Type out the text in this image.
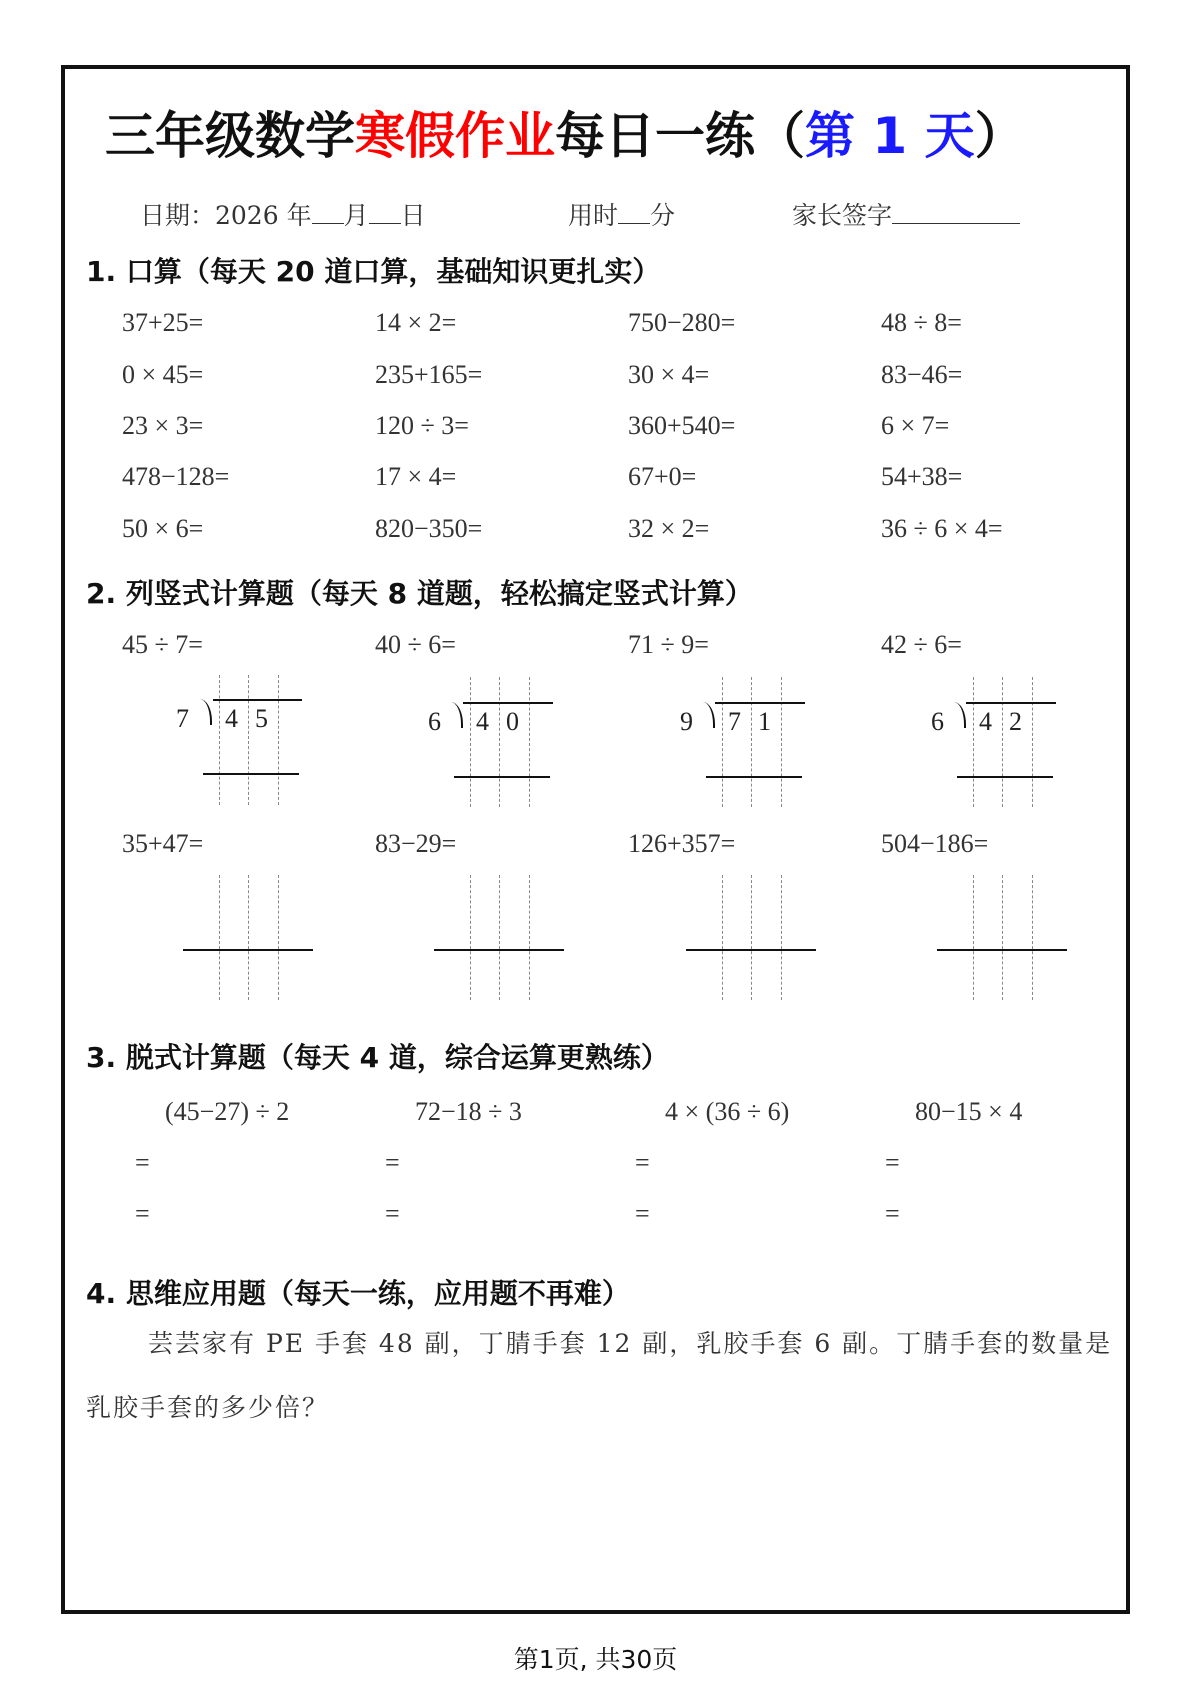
三年级数学寒假作业每日一练（第 1 天）
日期：2026 年 月 日	用时 分	家长签字
1. 口算（每天 20 道口算，基础知识更扎实）
37+25=	14 × 2=	750−280=	48 ÷ 8=
0 × 45=	235+165=	30 × 4=	83−46=
23 × 3=	120 ÷ 3=	360+540=	6 × 7=
478−128=	17 × 4=	67+0=	54+38=
50 × 6=	820−350=	32 × 2=	36 ÷ 6 × 4=
2. 列竖式计算题（每天 8 道题，轻松搞定竖式计算）
45 ÷ 7=	40 ÷ 6=	71 ÷ 9=	42 ÷ 6=
7 4 5	6 4 0	9 7 1	6 4 2
35+47=	83−29=	126+357=	504−186=
3. 脱式计算题（每天 4 道，综合运算更熟练）
(45−27) ÷ 2	72−18 ÷ 3	4 × (36 ÷ 6)	80−15 × 4
=	=	=	=
=	=	=	=
4. 思维应用题（每天一练，应用题不再难）
芸芸家有 PE 手套 48 副，丁腈手套 12 副，乳胶手套 6 副。丁腈手套的数量是乳胶手套的多少倍？
第1页, 共30页
